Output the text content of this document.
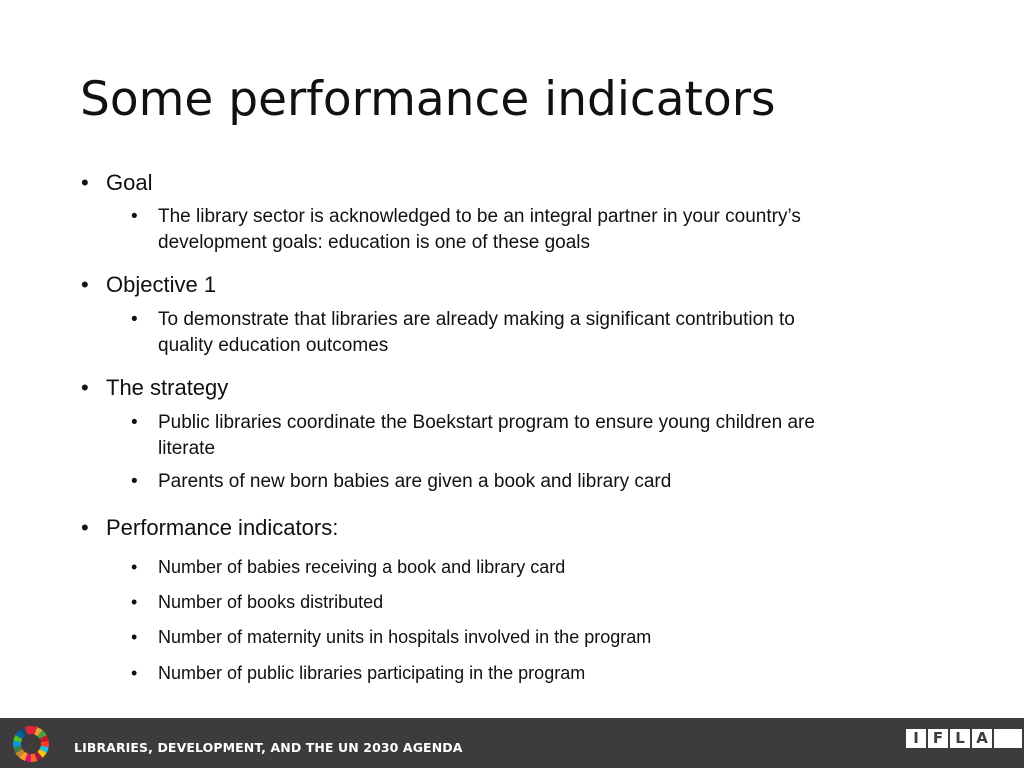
Some performance indicators

• Goal

• The library sector is acknowledged to be an integral partner in your country’s

development goals: education is one of these goals

• Objective 1

• To demonstrate that libraries are already making a significant contribution to

quality education outcomes

• The strategy

• Public libraries coordinate the Boekstart program to ensure young children are

literate

• Parents of new born babies are given a book and library card

• Performance indicators:

• Number of babies receiving a book and library card

• Number of books distributed

• Number of maternity units in hospitals involved in the program

• Number of public libraries participating in the program

LIBRARIES, DEVELOPMENT, AND THE UN 2030 AGENDA
I F L A
